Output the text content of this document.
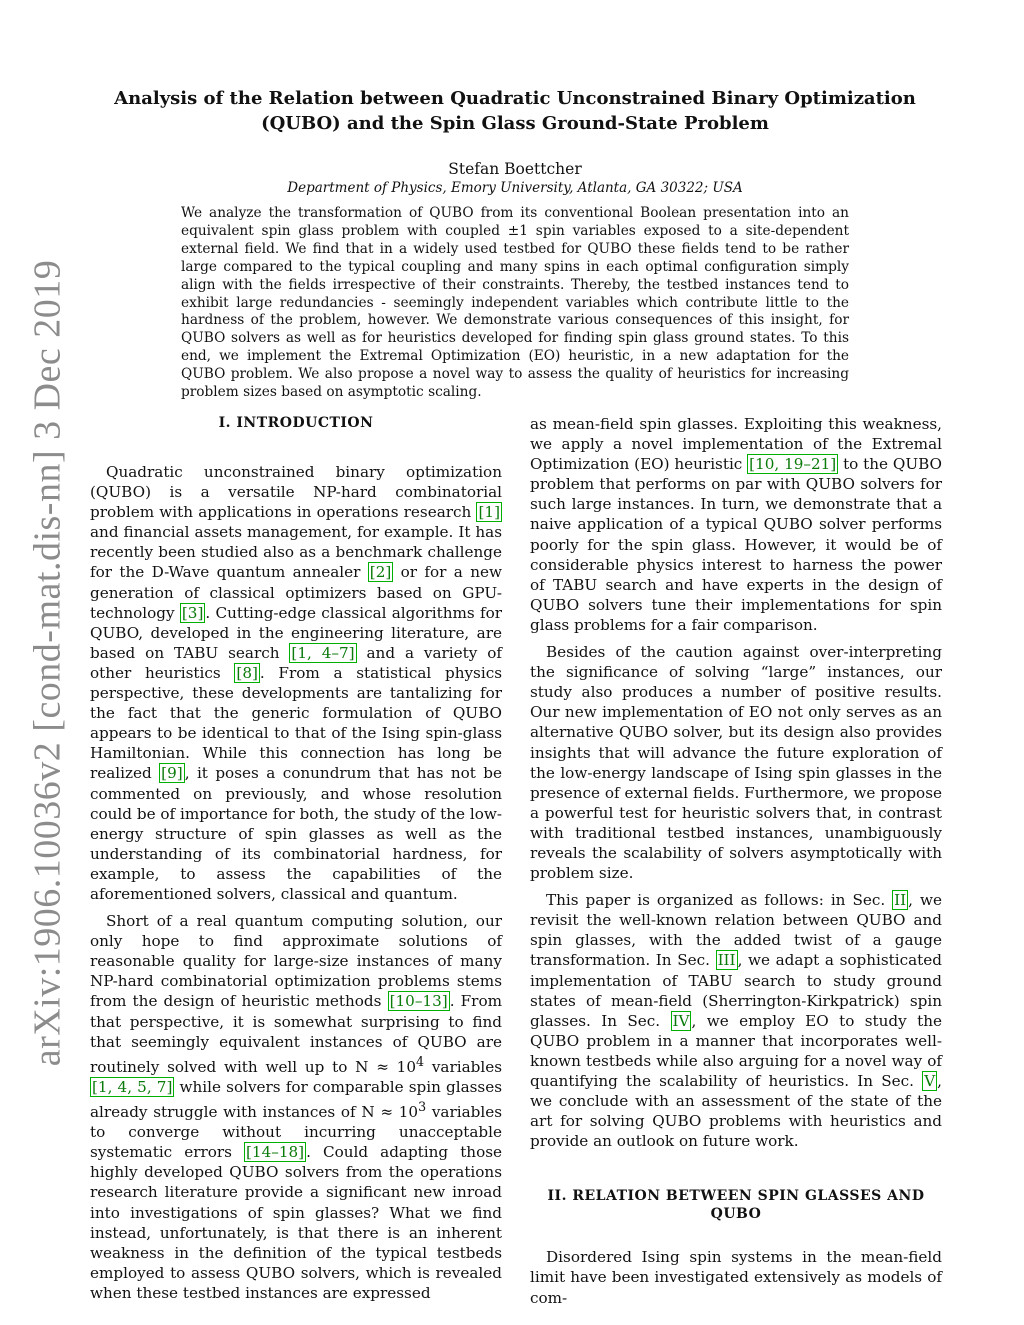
arXiv:1906.10036v2 [cond-mat.dis-nn] 3 Dec 2019
Analysis of the Relation between Quadratic Unconstrained Binary Optimization
(QUBO) and the Spin Glass Ground-State Problem
Stefan Boettcher
Department of Physics, Emory University, Atlanta, GA 30322; USA

We analyze the transformation of QUBO from its conventional Boolean presentation into an equivalent spin glass problem with coupled ±1 spin variables exposed to a site-dependent external field. We find that in a widely used testbed for QUBO these fields tend to be rather large compared to the typical coupling and many spins in each optimal configuration simply align with the fields irrespective of their constraints. Thereby, the testbed instances tend to exhibit large redundancies - seemingly independent variables which contribute little to the hardness of the problem, however. We demonstrate various consequences of this insight, for QUBO solvers as well as for heuristics developed for finding spin glass ground states. To this end, we implement the Extremal Optimization (EO) heuristic, in a new adaptation for the QUBO problem. We also propose a novel way to assess the quality of heuristics for increasing problem sizes based on asymptotic scaling.

I. INTRODUCTION

Quadratic unconstrained binary optimization (QUBO) is a versatile NP-hard combinatorial problem with applications in operations research [1] and financial assets management, for example. It has recently been studied also as a benchmark challenge for the D-Wave quantum annealer [2] or for a new generation of classical optimizers based on GPU-technology [3] . Cutting-edge classical algorithms for QUBO, developed in the engineering literature, are based on TABU search [1, 4–7] and a variety of other heuristics [8] . From a statistical physics perspective, these developments are tantalizing for the fact that the generic formulation of QUBO appears to be identical to that of the Ising spin-glass Hamiltonian. While this connection has long be realized [9] , it poses a conundrum that has not be commented on previously, and whose resolution could be of importance for both, the study of the low-energy structure of spin glasses as well as the understanding of its combinatorial hardness, for example, to assess the capabilities of the aforementioned solvers, classical and quantum.

Short of a real quantum computing solution, our only hope to find approximate solutions of reasonable quality for large-size instances of many NP-hard combinatorial optimization problems stems from the design of heuristic methods [10–13] . From that perspective, it is somewhat surprising to find that seemingly equivalent instances of QUBO are routinely solved with well up to $N \approx 10^4$ variables [1, 4, 5, 7] while solvers for comparable spin glasses already struggle with instances of $N \approx 10^3$ variables to converge without incurring unacceptable systematic errors [14–18] . Could adapting those highly developed QUBO solvers from the operations research literature provide a significant new inroad into investigations of spin glasses? What we find instead, unfortunately, is that there is an inherent weakness in the definition of the typical testbeds employed to assess QUBO solvers, which is revealed when these testbed instances are expressed

as mean-field spin glasses. Exploiting this weakness, we apply a novel implementation of the Extremal Optimization (EO) heuristic [10, 19–21] to the QUBO problem that performs on par with QUBO solvers for such large instances. In turn, we demonstrate that a naive application of a typical QUBO solver performs poorly for the spin glass. However, it would be of considerable physics interest to harness the power of TABU search and have experts in the design of QUBO solvers tune their implementations for spin glass problems for a fair comparison.

Besides of the caution against over-interpreting the significance of solving “large” instances, our study also produces a number of positive results. Our new implementation of EO not only serves as an alternative QUBO solver, but its design also provides insights that will advance the future exploration of the low-energy landscape of Ising spin glasses in the presence of external fields. Furthermore, we propose a powerful test for heuristic solvers that, in contrast with traditional testbed instances, unambiguously reveals the scalability of solvers asymptotically with problem size.

This paper is organized as follows: in Sec. II , we revisit the well-known relation between QUBO and spin glasses, with the added twist of a gauge transformation. In Sec. III , we adapt a sophisticated implementation of TABU search to study ground states of mean-field (Sherrington-Kirkpatrick) spin glasses. In Sec. IV , we employ EO to study the QUBO problem in a manner that incorporates well-known testbeds while also arguing for a novel way of quantifying the scalability of heuristics. In Sec. V , we conclude with an assessment of the state of the art for solving QUBO problems with heuristics and provide an outlook on future work.

II. RELATION BETWEEN SPIN GLASSES AND
QUBO

Disordered Ising spin systems in the mean-field limit have been investigated extensively as models of com-
